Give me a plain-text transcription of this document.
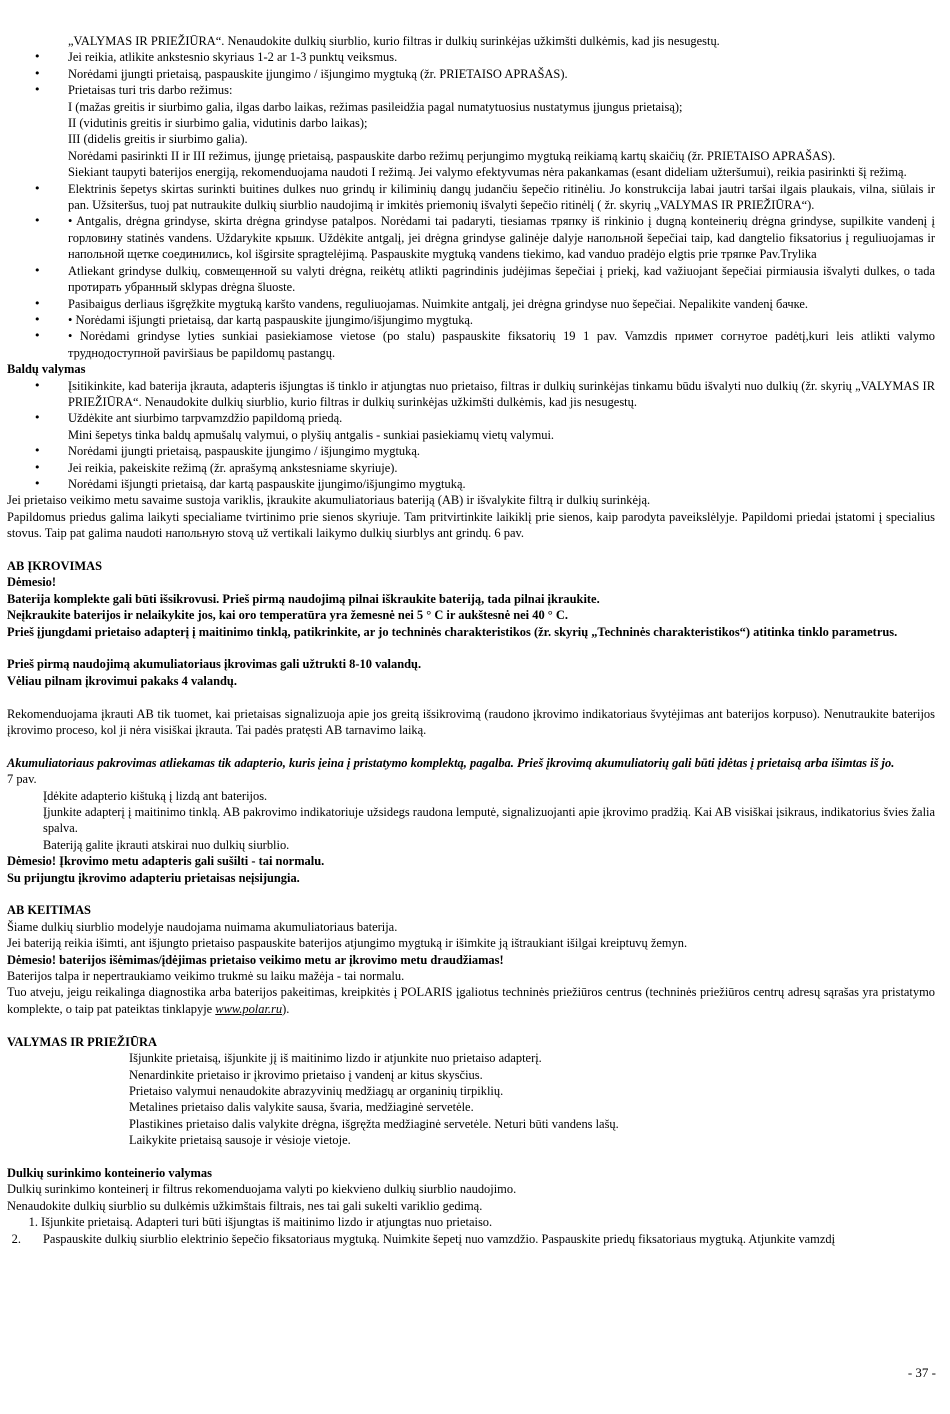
„VALYMAS IR PRIEŽIŪRA“. Nenaudokite dulkių siurblio, kurio filtras ir dulkių surinkėjas užkimšti dulkėmis, kad jis nesugestų.
• Jei reikia, atlikite ankstesnio skyriaus 1-2 ar 1-3 punktų veiksmus.
• Norėdami įjungti prietaisą, paspauskite įjungimo / išjungimo mygtuką (žr. PRIETAISO APRAŠAS).
• Prietaisas turi tris darbo režimus:
I (mažas greitis ir siurbimo galia, ilgas darbo laikas, režimas pasileidžia pagal numatytuosius nustatymus įjungus prietaisą);
II (vidutinis greitis ir siurbimo galia, vidutinis darbo laikas);
III (didelis greitis ir siurbimo galia).
Norėdami pasirinkti II ir III režimus, įjungę prietaisą, paspauskite darbo režimų perjungimo mygtuką reikiamą kartų skaičių (žr. PRIETAISO APRAŠAS).
Siekiant taupyti baterijos energiją, rekomenduojama naudoti I režimą. Jei valymo efektyvumas nėra pakankamas (esant dideliam užteršumui), reikia pasirinkti šį režimą.
• Elektrinis šepetys skirtas surinkti buitines dulkes nuo grindų ir kiliminių dangų judančiu šepečio ritinėliu. Jo konstrukcija labai jautri taršai ilgais plaukais, vilna, siūlais ir pan. Užsiteršus, tuoj pat nutraukite dulkių siurblio naudojimą ir imkitės priemonių išvalyti šepečio ritinėlį ( žr. skyrių „VALYMAS IR PRIEŽIŪRA“).
• • Antgalis, drėgna grindyse, skirta drėgna grindyse patalpos. Norėdami tai padaryti, tiesiamas тряпку iš rinkinio į dugną konteinerių drėgna grindyse, supilkite vandenį į горловину statinės vandens. Uždarykite крышк. Uždėkite antgalį, jei drėgna grindyse galinėje dalyje напольной šepečiai taip, kad dangtelio fiksatorius į reguliuojamas ir напольной щетке соединились, kol išgirsite spragtelėjimą. Paspauskite mygtuką vandens tiekimo, kad vanduo pradėjo elgtis prie тряпке Pav.Trylika
• Atliekant grindyse dulkių, совмещенной su valyti drėgna, reikėtų atlikti pagrindinis judėjimas šepečiai į priekį, kad važiuojant šepečiai pirmiausia išvalyti dulkes, o tada протирать убранный sklypas drėgna šluoste.
• Pasibaigus derliaus išgręžkite mygtuką karšto vandens, reguliuojamas. Nuimkite antgalį, jei drėgna grindyse nuo šepečiai. Nepalikite vandenį бачке.
• • Norėdami išjungti prietaisą, dar kartą paspauskite įjungimo/išjungimo mygtuką.
• • Norėdami grindyse lyties sunkiai pasiekiamose vietose (po stalu) paspauskite fiksatorių 19 1 pav. Vamzdis примет согнутое padėtį,kuri leis atlikti valymo труднодоступной paviršiaus be papildomų pastangų.

Baldų valymas

• Įsitikinkite, kad baterija įkrauta, adapteris išjungtas iš tinklo ir atjungtas nuo prietaiso, filtras ir dulkių surinkėjas tinkamu būdu išvalyti nuo dulkių (žr. skyrių „VALYMAS IR PRIEŽIŪRA“. Nenaudokite dulkių siurblio, kurio filtras ir dulkių surinkėjas užkimšti dulkėmis, kad jis nesugestų.
• Uždėkite ant siurbimo tarpvamzdžio papildomą priedą.
Mini šepetys tinka baldų apmušalų valymui, o plyšių antgalis - sunkiai pasiekiamų vietų valymui.
• Norėdami įjungti prietaisą, paspauskite įjungimo / išjungimo mygtuką.
• Jei reikia, pakeiskite režimą (žr. aprašymą ankstesniame skyriuje).
• Norėdami išjungti prietaisą, dar kartą paspauskite įjungimo/išjungimo mygtuką.

Jei prietaiso veikimo metu savaime sustoja variklis, įkraukite akumuliatoriaus bateriją (AB) ir išvalykite filtrą ir dulkių surinkėją.

Papildomus priedus galima laikyti specialiame tvirtinimo prie sienos skyriuje. Tam pritvirtinkite laikiklį prie sienos, kaip parodyta paveikslėlyje. Papildomi priedai įstatomi į specialius stovus. Taip pat galima naudoti напольную stovą už vertikali laikymo dulkių siurblys ant grindų. 6 pav.

AB ĮKROVIMAS

Dėmesio!

Baterija komplekte gali būti išsikrovusi. Prieš pirmą naudojimą pilnai iškraukite bateriją, tada pilnai įkraukite.

Neįkraukite baterijos ir nelaikykite jos, kai oro temperatūra yra žemesnė nei 5 ° C ir aukštesnė nei 40 ° C.

Prieš įjungdami prietaiso adapterį į maitinimo tinklą, patikrinkite, ar jo techninės charakteristikos (žr. skyrių „Techninės charakteristikos“) atitinka tinklo parametrus.

Prieš pirmą naudojimą akumuliatoriaus įkrovimas gali užtrukti 8-10 valandų.

Vėliau pilnam įkrovimui pakaks 4 valandų.

Rekomenduojama įkrauti AB tik tuomet, kai prietaisas signalizuoja apie jos greitą išsikrovimą (raudono įkrovimo indikatoriaus švytėjimas ant baterijos korpuso). Nenutraukite baterijos įkrovimo proceso, kol ji nėra visiškai įkrauta. Tai padės pratęsti AB tarnavimo laiką.

Akumuliatoriaus pakrovimas atliekamas tik adapterio, kuris įeina į pristatymo komplektą, pagalba. Prieš įkrovimą akumuliatorių gali būti įdėtas į prietaisą arba išimtas iš jo.

7 pav.

Įdėkite adapterio kištuką į lizdą ant baterijos.
Įjunkite adapterį į maitinimo tinklą. AB pakrovimo indikatoriuje užsidegs raudona lemputė, signalizuojanti apie įkrovimo pradžią. Kai AB visiškai įsikraus, indikatorius švies žalia spalva.
Bateriją galite įkrauti atskirai nuo dulkių siurblio.

Dėmesio! Įkrovimo metu adapteris gali sušilti - tai normalu.

Su prijungtu įkrovimo adapteriu prietaisas neįsijungia.

AB KEITIMAS

Šiame dulkių siurblio modelyje naudojama nuimama akumuliatoriaus baterija.

Jei bateriją reikia išimti, ant išjungto prietaiso paspauskite baterijos atjungimo mygtuką ir išimkite ją ištraukiant išilgai kreiptuvų žemyn.

Dėmesio! baterijos išėmimas/įdėjimas prietaiso veikimo metu ar įkrovimo metu draudžiamas!

Baterijos talpa ir nepertraukiamo veikimo trukmė su laiku mažėja - tai normalu.

Tuo atveju, jeigu reikalinga diagnostika arba baterijos pakeitimas, kreipkitės į POLARIS įgaliotus techninės priežiūros centrus (techninės priežiūros centrų adresų sąrašas yra pristatymo komplekte, o taip pat pateiktas tinklapyje www.polar.ru).

VALYMAS IR PRIEŽIŪRA

Išjunkite prietaisą, išjunkite jį iš maitinimo lizdo ir atjunkite nuo prietaiso adapterį.
Nenardinkite prietaiso ir įkrovimo prietaiso į vandenį ar kitus skysčius.
Prietaiso valymui nenaudokite abrazyvinių medžiagų ar organinių tirpiklių.
Metalines prietaiso dalis valykite sausa, švaria, medžiaginė servetėle.
Plastikines prietaiso dalis valykite drėgna, išgręžta medžiaginė servetėle. Neturi būti vandens lašų.
Laikykite prietaisą sausoje ir vėsioje vietoje.

Dulkių surinkimo konteinerio valymas

Dulkių surinkimo konteinerį ir filtrus rekomenduojama valyti po kiekvieno dulkių siurblio naudojimo.

Nenaudokite dulkių siurblio su dulkėmis užkimštais filtrais, nes tai gali sukelti variklio gedimą.

1. Išjunkite prietaisą. Adapteri turi būti išjungtas iš maitinimo lizdo ir atjungtas nuo prietaiso.
2. Paspauskite dulkių siurblio elektrinio šepečio fiksatoriaus mygtuką. Nuimkite šepetį nuo vamzdžio. Paspauskite priedų fiksatoriaus mygtuką. Atjunkite vamzdį
- 37 -
